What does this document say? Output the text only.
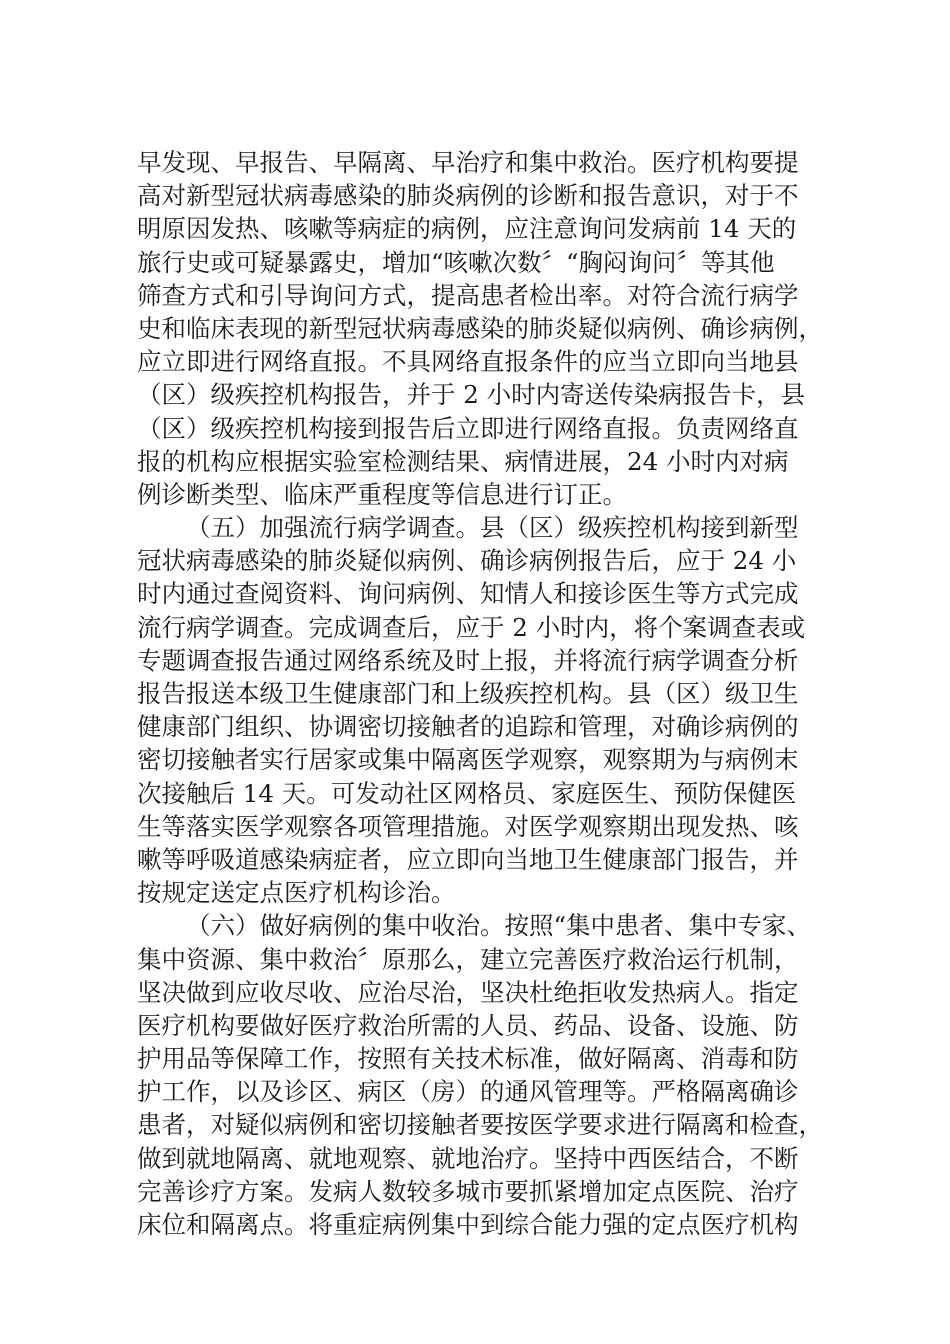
早发现、早报告、早隔离、早治疗和集中救治。医疗机构要提
高对新型冠状病毒感染的肺炎病例的诊断和报告意识，对于不
明原因发热、咳嗽等病症的病例，应注意询问发病前 14 天的
旅行史或可疑暴露史，增加“咳嗽次数〞“胸闷询问〞等其他
筛查方式和引导询问方式，提高患者检出率。对符合流行病学
史和临床表现的新型冠状病毒感染的肺炎疑似病例、确诊病例，
应立即进行网络直报。不具网络直报条件的应当立即向当地县
（区）级疾控机构报告，并于 2 小时内寄送传染病报告卡，县
（区）级疾控机构接到报告后立即进行网络直报。负责网络直
报的机构应根据实验室检测结果、病情进展，24 小时内对病
例诊断类型、临床严重程度等信息进行订正。
（五）加强流行病学调查。县（区）级疾控机构接到新型
冠状病毒感染的肺炎疑似病例、确诊病例报告后，应于 24 小
时内通过查阅资料、询问病例、知情人和接诊医生等方式完成
流行病学调查。完成调查后，应于 2 小时内，将个案调查表或
专题调查报告通过网络系统及时上报，并将流行病学调查分析
报告报送本级卫生健康部门和上级疾控机构。县（区）级卫生
健康部门组织、协调密切接触者的追踪和管理，对确诊病例的
密切接触者实行居家或集中隔离医学观察，观察期为与病例末
次接触后 14 天。可发动社区网格员、家庭医生、预防保健医
生等落实医学观察各项管理措施。对医学观察期出现发热、咳
嗽等呼吸道感染病症者，应立即向当地卫生健康部门报告，并
按规定送定点医疗机构诊治。
（六）做好病例的集中收治。按照“集中患者、集中专家、
集中资源、集中救治〞原那么，建立完善医疗救治运行机制，
坚决做到应收尽收、应治尽治，坚决杜绝拒收发热病人。指定
医疗机构要做好医疗救治所需的人员、药品、设备、设施、防
护用品等保障工作，按照有关技术标准，做好隔离、消毒和防
护工作，以及诊区、病区（房）的通风管理等。严格隔离确诊
患者，对疑似病例和密切接触者要按医学要求进行隔离和检查，
做到就地隔离、就地观察、就地治疗。坚持中西医结合，不断
完善诊疗方案。发病人数较多城市要抓紧增加定点医院、治疗
床位和隔离点。将重症病例集中到综合能力强的定点医疗机构
